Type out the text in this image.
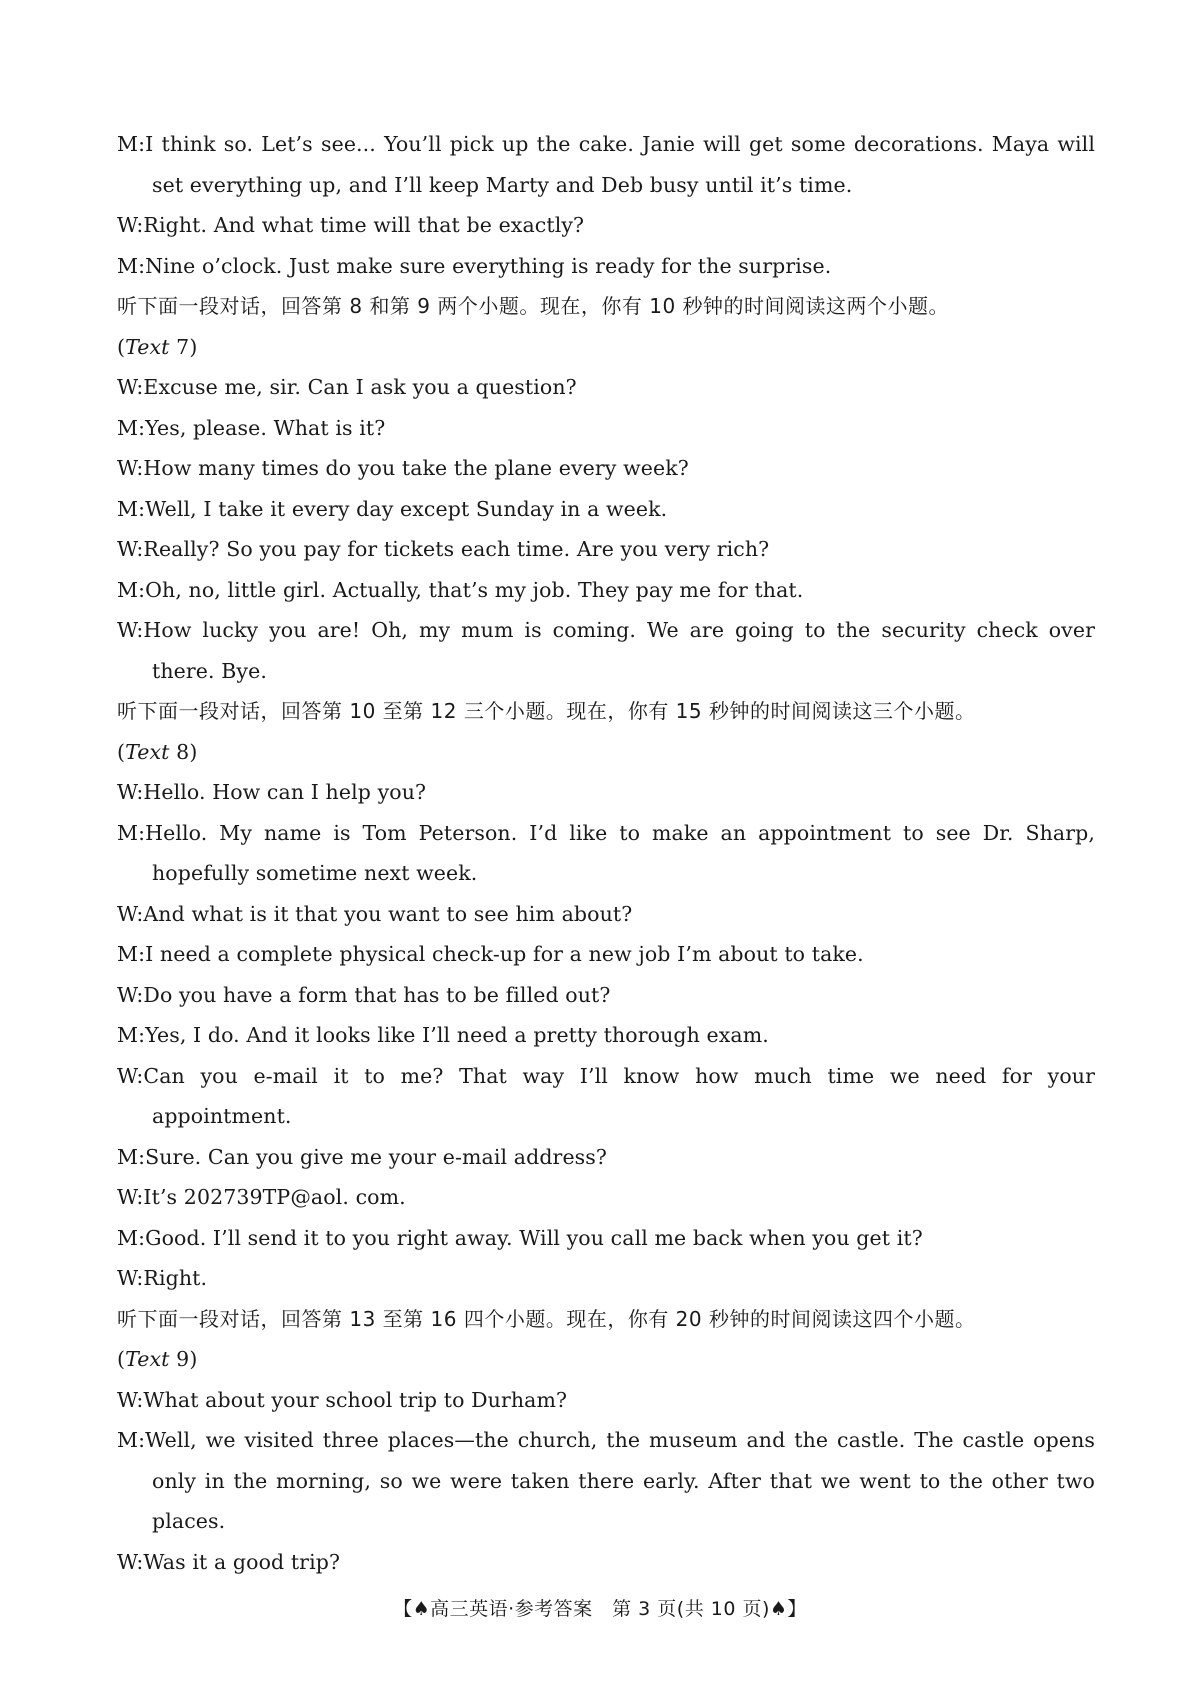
M:I think so. Let’s see... You’ll pick up the cake. Janie will get some decorations. Maya will set everything up, and I’ll keep Marty and Deb busy until it’s time.
W:Right. And what time will that be exactly?
M:Nine o’clock. Just make sure everything is ready for the surprise.
听下面一段对话，回答第 8 和第 9 两个小题。现在，你有 10 秒钟的时间阅读这两个小题。
(Text 7)
W:Excuse me, sir. Can I ask you a question?
M:Yes, please. What is it?
W:How many times do you take the plane every week?
M:Well, I take it every day except Sunday in a week.
W:Really? So you pay for tickets each time. Are you very rich?
M:Oh, no, little girl. Actually, that’s my job. They pay me for that.
W:How lucky you are! Oh, my mum is coming. We are going to the security check over there. Bye.
听下面一段对话，回答第 10 至第 12 三个小题。现在，你有 15 秒钟的时间阅读这三个小题。
(Text 8)
W:Hello. How can I help you?
M:Hello. My name is Tom Peterson. I’d like to make an appointment to see Dr. Sharp, hopefully sometime next week.
W:And what is it that you want to see him about?
M:I need a complete physical check-up for a new job I’m about to take.
W:Do you have a form that has to be filled out?
M:Yes, I do. And it looks like I’ll need a pretty thorough exam.
W:Can you e-mail it to me? That way I’ll know how much time we need for your appointment.
M:Sure. Can you give me your e-mail address?
W:It’s 202739TP@aol. com.
M:Good. I’ll send it to you right away. Will you call me back when you get it?
W:Right.
听下面一段对话，回答第 13 至第 16 四个小题。现在，你有 20 秒钟的时间阅读这四个小题。
(Text 9)
W:What about your school trip to Durham?
M:Well, we visited three places—the church, the museum and the castle. The castle opens only in the morning, so we were taken there early. After that we went to the other two places.
W:Was it a good trip?
【♠高三英语·参考答案　第 3 页(共 10 页)♠】
